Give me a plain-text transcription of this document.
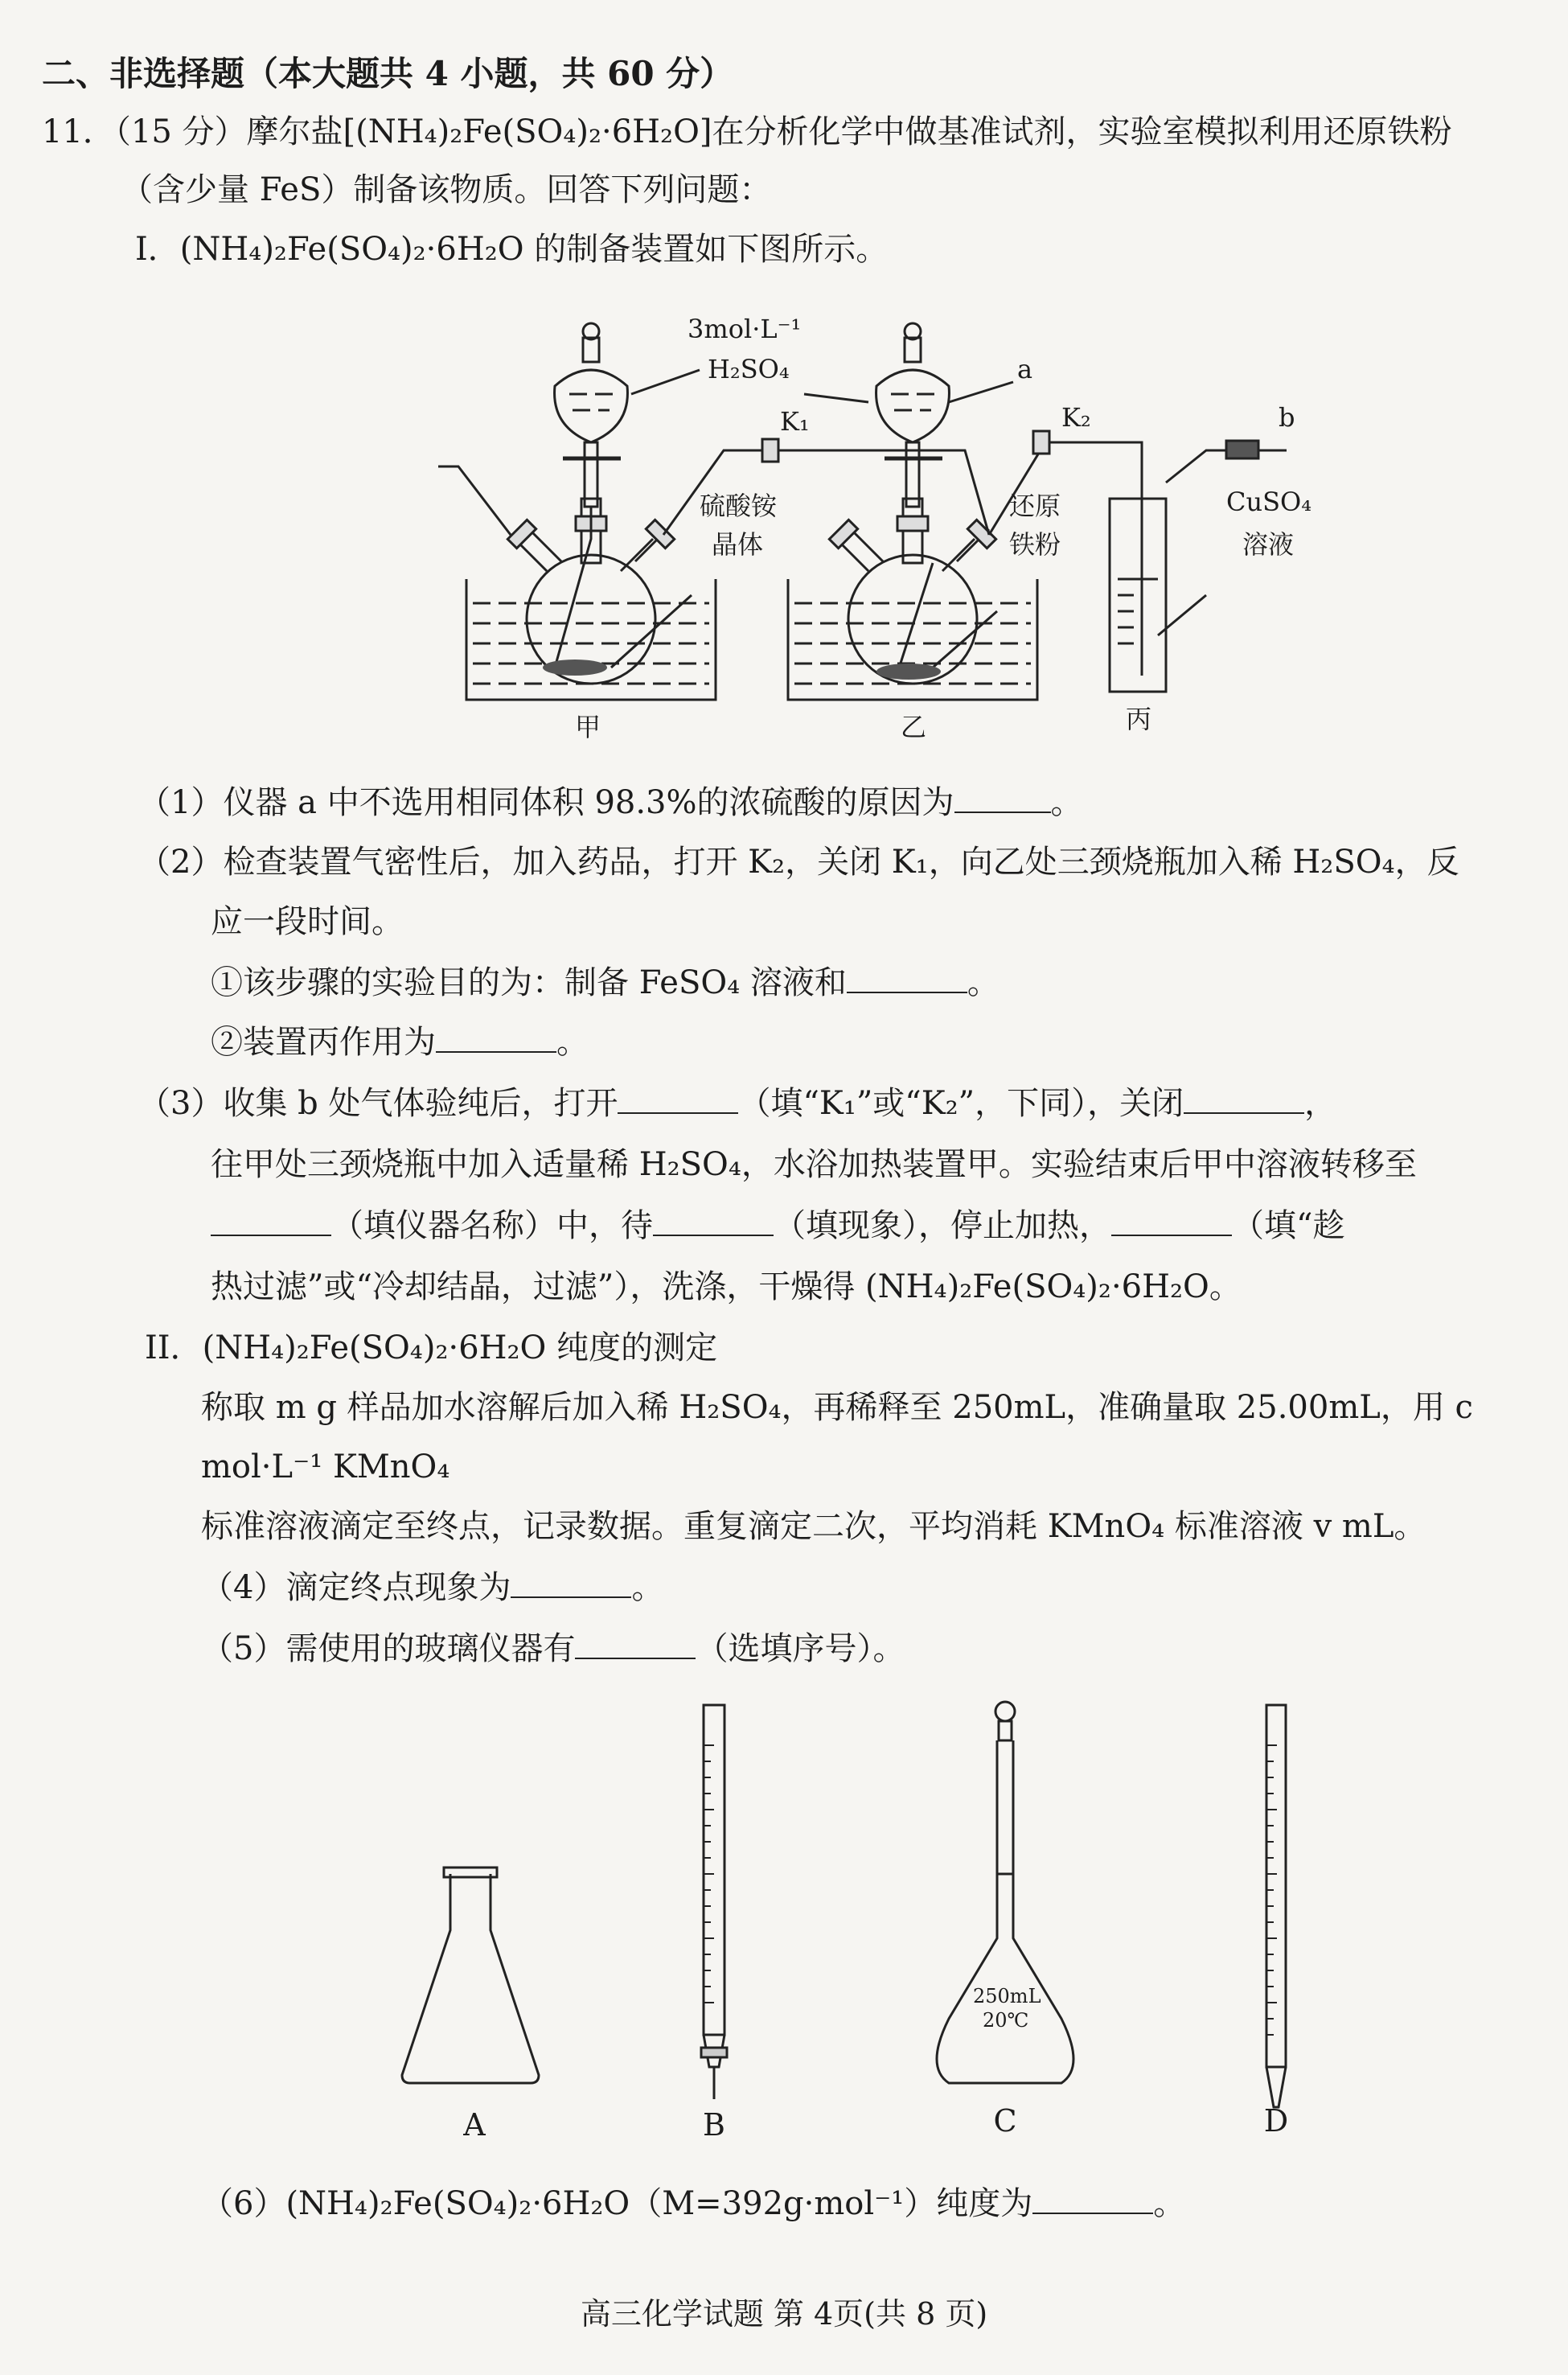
二、非选择题（本大题共 4 小题，共 60 分）
11．（15 分）摩尔盐[(NH₄)₂Fe(SO₄)₂·6H₂O]在分析化学中做基准试剂，实验室模拟利用还原铁粉
（含少量 FeS）制备该物质。回答下列问题：
I．(NH₄)₂Fe(SO₄)₂·6H₂O 的制备装置如下图所示。
3mol·L⁻¹
H₂SO₄	a
K₁	K₂	b
硫酸铵
晶体
还原
铁粉
CuSO₄
溶液
甲	乙	丙
（1）仪器 a 中不选用相同体积 98.3%的浓硫酸的原因为	。
（2）检查装置气密性后，加入药品，打开 K₂，关闭 K₁，向乙处三颈烧瓶加入稀 H₂SO₄，反
应一段时间。
①该步骤的实验目的为：制备 FeSO₄ 溶液和	。
②装置丙作用为	。
（3）收集 b 处气体验纯后，打开	（填“K₁”或“K₂”，下同），关闭	，
往甲处三颈烧瓶中加入适量稀 H₂SO₄，水浴加热装置甲。实验结束后甲中溶液转移至
（填仪器名称）中，待	（填现象），停止加热，	（填“趁
热过滤”或“冷却结晶，过滤”），洗涤，干燥得 (NH₄)₂Fe(SO₄)₂·6H₂O。
II．(NH₄)₂Fe(SO₄)₂·6H₂O 纯度的测定
称取 m g 样品加水溶解后加入稀 H₂SO₄，再稀释至 250mL，准确量取 25.00mL，用 c
mol·L⁻¹ KMnO₄
标准溶液滴定至终点，记录数据。重复滴定二次，平均消耗 KMnO₄ 标准溶液 v mL。
（4）滴定终点现象为	。
（5）需使用的玻璃仪器有	（选填序号）。
250mL
20℃
A	B	C	D
（6）(NH₄)₂Fe(SO₄)₂·6H₂O（M=392g·mol⁻¹）纯度为	。
高三化学试题 第 4页(共 8 页)
